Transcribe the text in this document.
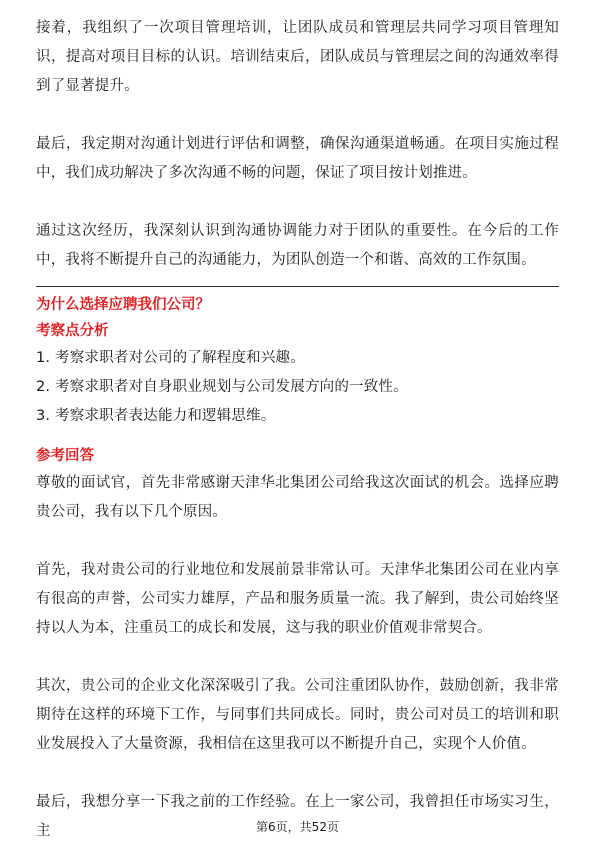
接着，我组织了一次项目管理培训，让团队成员和管理层共同学习项目管理知识，提高对项目目标的认识。培训结束后，团队成员与管理层之间的沟通效率得到了显著提升。

最后，我定期对沟通计划进行评估和调整，确保沟通渠道畅通。在项目实施过程中，我们成功解决了多次沟通不畅的问题，保证了项目按计划推进。

通过这次经历，我深刻认识到沟通协调能力对于团队的重要性。在今后的工作中，我将不断提升自己的沟通能力，为团队创造一个和谐、高效的工作氛围。

为什么选择应聘我们公司？

考察点分析

1. 考察求职者对公司的了解程度和兴趣。
2. 考察求职者对自身职业规划与公司发展方向的一致性。
3. 考察求职者表达能力和逻辑思维。

参考回答

尊敬的面试官，首先非常感谢天津华北集团公司给我这次面试的机会。选择应聘贵公司，我有以下几个原因。

首先，我对贵公司的行业地位和发展前景非常认可。天津华北集团公司在业内享有很高的声誉，公司实力雄厚，产品和服务质量一流。我了解到，贵公司始终坚持以人为本，注重员工的成长和发展，这与我的职业价值观非常契合。

其次，贵公司的企业文化深深吸引了我。公司注重团队协作，鼓励创新，我非常期待在这样的环境下工作，与同事们共同成长。同时，贵公司对员工的培训和职业发展投入了大量资源，我相信在这里我可以不断提升自己，实现个人价值。

最后，我想分享一下我之前的工作经验。在上一家公司，我曾担任市场实习生，主	第6页，共52页
